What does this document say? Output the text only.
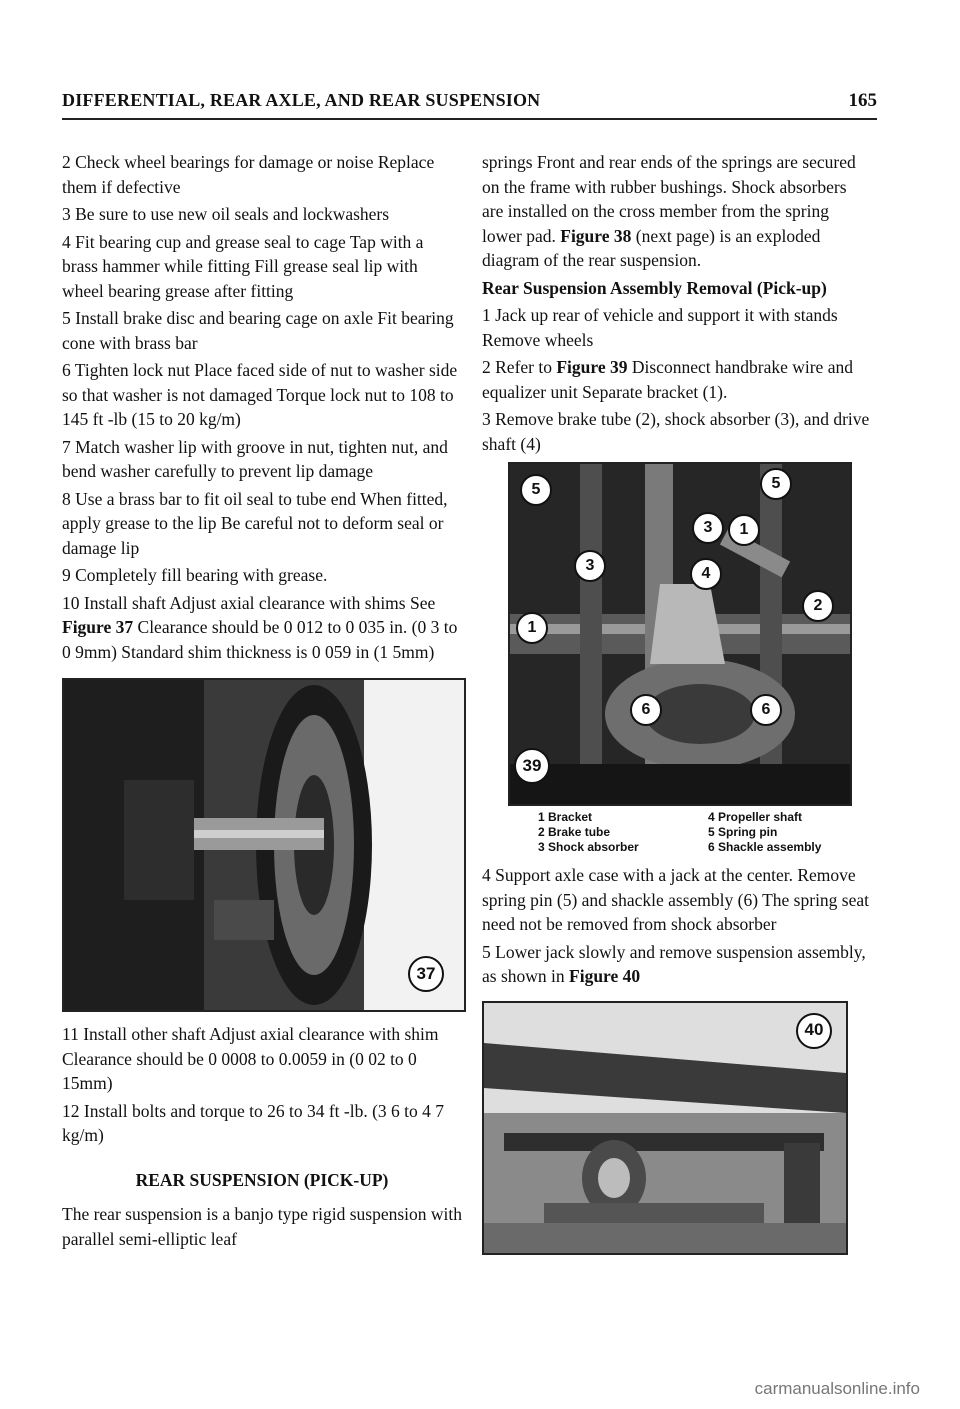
DIFFERENTIAL, REAR AXLE, AND REAR SUSPENSION	165

2 Check wheel bearings for damage or noise Replace them if defective

3 Be sure to use new oil seals and lockwashers

4 Fit bearing cup and grease seal to cage Tap with a brass hammer while fitting Fill grease seal lip with wheel bearing grease after fitting

5 Install brake disc and bearing cage on axle Fit bearing cone with brass bar

6 Tighten lock nut Place faced side of nut to washer side so that washer is not damaged Torque lock nut to 108 to 145 ft -lb (15 to 20 kg/m)

7 Match washer lip with groove in nut, tighten nut, and bend washer carefully to prevent lip damage

8 Use a brass bar to fit oil seal to tube end When fitted, apply grease to the lip Be careful not to deform seal or damage lip

9 Completely fill bearing with grease.

10 Install shaft Adjust axial clearance with shims See Figure 37 Clearance should be 0 012 to 0 035 in. (0 3 to 0 9mm) Standard shim thickness is 0 059 in (1 5mm)

37

11 Install other shaft Adjust axial clearance with shim Clearance should be 0 0008 to 0.0059 in (0 02 to 0 15mm)

12 Install bolts and torque to 26 to 34 ft -lb. (3 6 to 4 7 kg/m)

REAR SUSPENSION (PICK-UP)

The rear suspension is a banjo type rigid suspension with parallel semi-elliptic leaf

springs Front and rear ends of the springs are secured on the frame with rubber bushings. Shock absorbers are installed on the cross member from the spring lower pad. Figure 38 (next page) is an exploded diagram of the rear suspension.

Rear Suspension Assembly Removal (Pick-up)

1 Jack up rear of vehicle and support it with stands Remove wheels

2 Refer to Figure 39 Disconnect handbrake wire and equalizer unit Separate bracket (1).

3 Remove brake tube (2), shock absorber (3), and drive shaft (4)

5	5
3	1
3	4
2
1
6	6
39
1 Bracket	4 Propeller shaft
2 Brake tube	5 Spring pin
3 Shock absorber	6 Shackle assembly

4 Support axle case with a jack at the center. Remove spring pin (5) and shackle assembly (6) The spring seat need not be removed from shock absorber

5 Lower jack slowly and remove suspension assembly, as shown in Figure 40

40
carmanualsonline.info
